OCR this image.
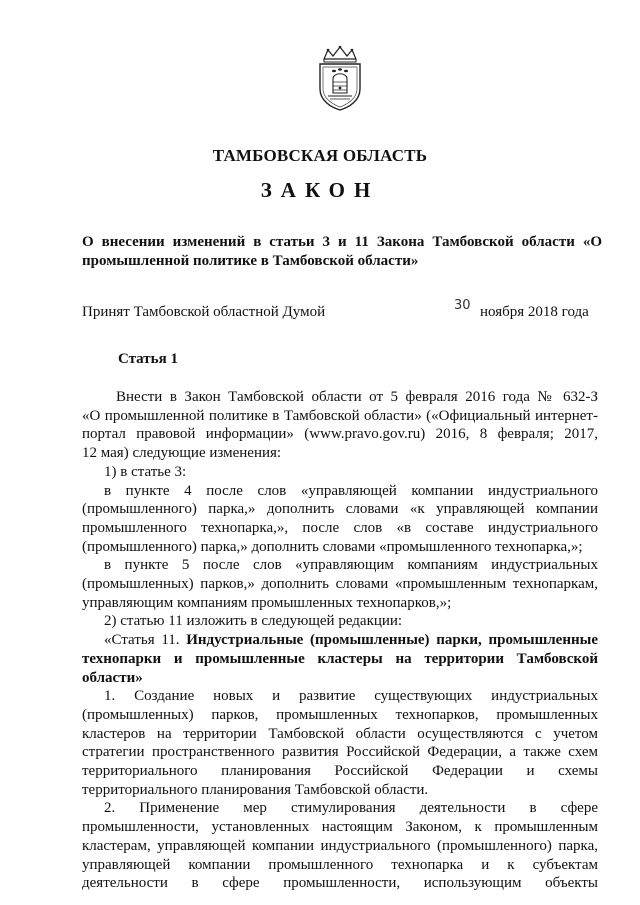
ТАМБОВСКАЯ ОБЛАСТЬ
ЗАКОН
О внесении изменений в статьи 3 и 11 Закона Тамбовской области «О
промышленной политике в Тамбовской области»
Принят Тамбовской областной Думой	30 ноября 2018 года
Статья 1

Внести в Закон Тамбовской области от 5 февраля 2016 года № 632-З

«О промышленной политике в Тамбовской области» («Официальный интернет-

портал правовой информации» (www.pravo.gov.ru) 2016, 8 февраля; 2017,

12 мая) следующие изменения:

1) в статье 3:

в пункте 4 после слов «управляющей компании индустриального

(промышленного) парка,» дополнить словами «к управляющей компании

промышленного технопарка,», после слов «в составе индустриального

(промышленного) парка,» дополнить словами «промышленного технопарка,»;

в пункте 5 после слов «управляющим компаниям индустриальных

(промышленных) парков,» дополнить словами «промышленным технопаркам,

управляющим компаниям промышленных технопарков,»;

2) статью 11 изложить в следующей редакции:

«Статья 11. Индустриальные (промышленные) парки, промышленные

технопарки и промышленные кластеры на территории Тамбовской

области»

1. Создание новых и развитие существующих индустриальных

(промышленных) парков, промышленных технопарков, промышленных

кластеров на территории Тамбовской области осуществляются с учетом

стратегии пространственного развития Российской Федерации, а также схем

территориального планирования Российской Федерации и схемы

территориального планирования Тамбовской области.

2. Применение мер стимулирования деятельности в сфере

промышленности, установленных настоящим Законом, к промышленным

кластерам, управляющей компании индустриального (промышленного) парка,

управляющей компании промышленного технопарка и к субъектам

деятельности в сфере промышленности, использующим объекты
